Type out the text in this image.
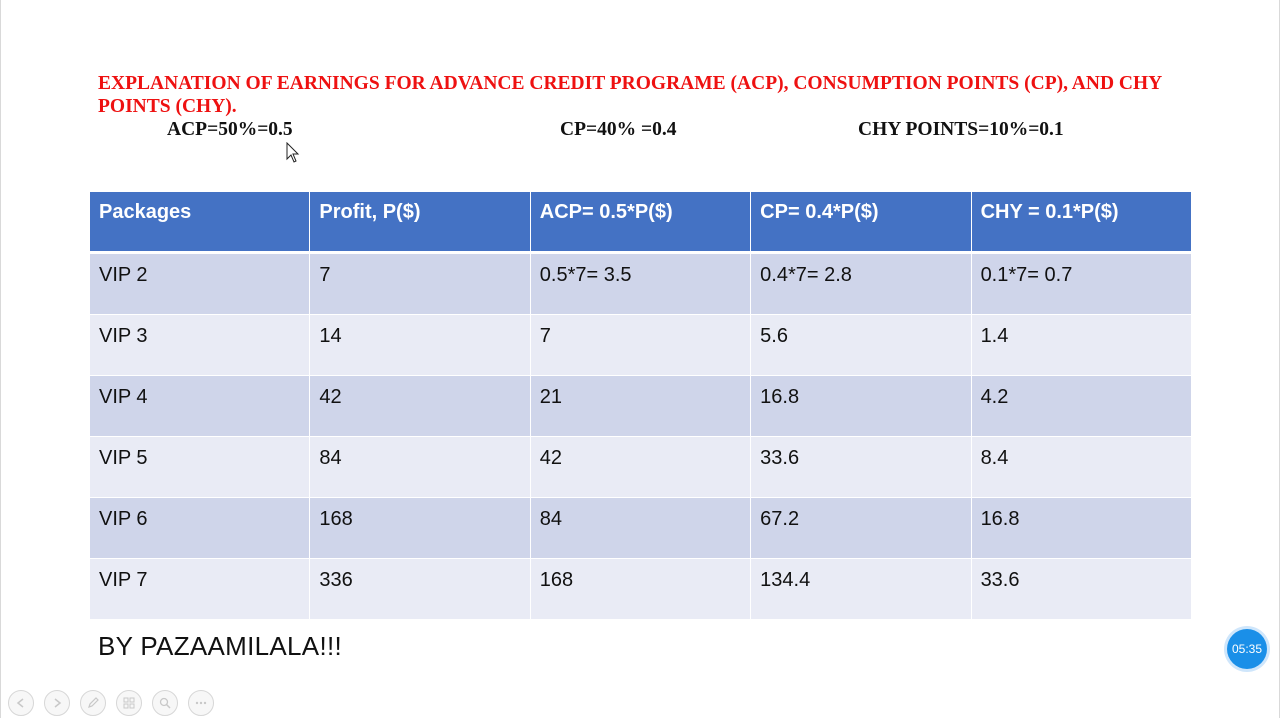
EXPLANATION OF EARNINGS FOR ADVANCE CREDIT PROGRAME (ACP), CONSUMPTION POINTS (CP), AND CHY POINTS (CHY).

ACP=50%=0.5	CP=40% =0.4	CHY POINTS=10%=0.1
Packages	Profit, P($)	ACP= 0.5*P($)	CP= 0.4*P($)	CHY = 0.1*P($)
VIP 2	7	0.5*7= 3.5	0.4*7= 2.8	0.1*7= 0.7
VIP 3	14	7	5.6	1.4
VIP 4	42	21	16.8	4.2
VIP 5	84	42	33.6	8.4
VIP 6	168	84	67.2	16.8
VIP 7	336	168	134.4	33.6
BY PAZAAMILALA!!!	05:35
